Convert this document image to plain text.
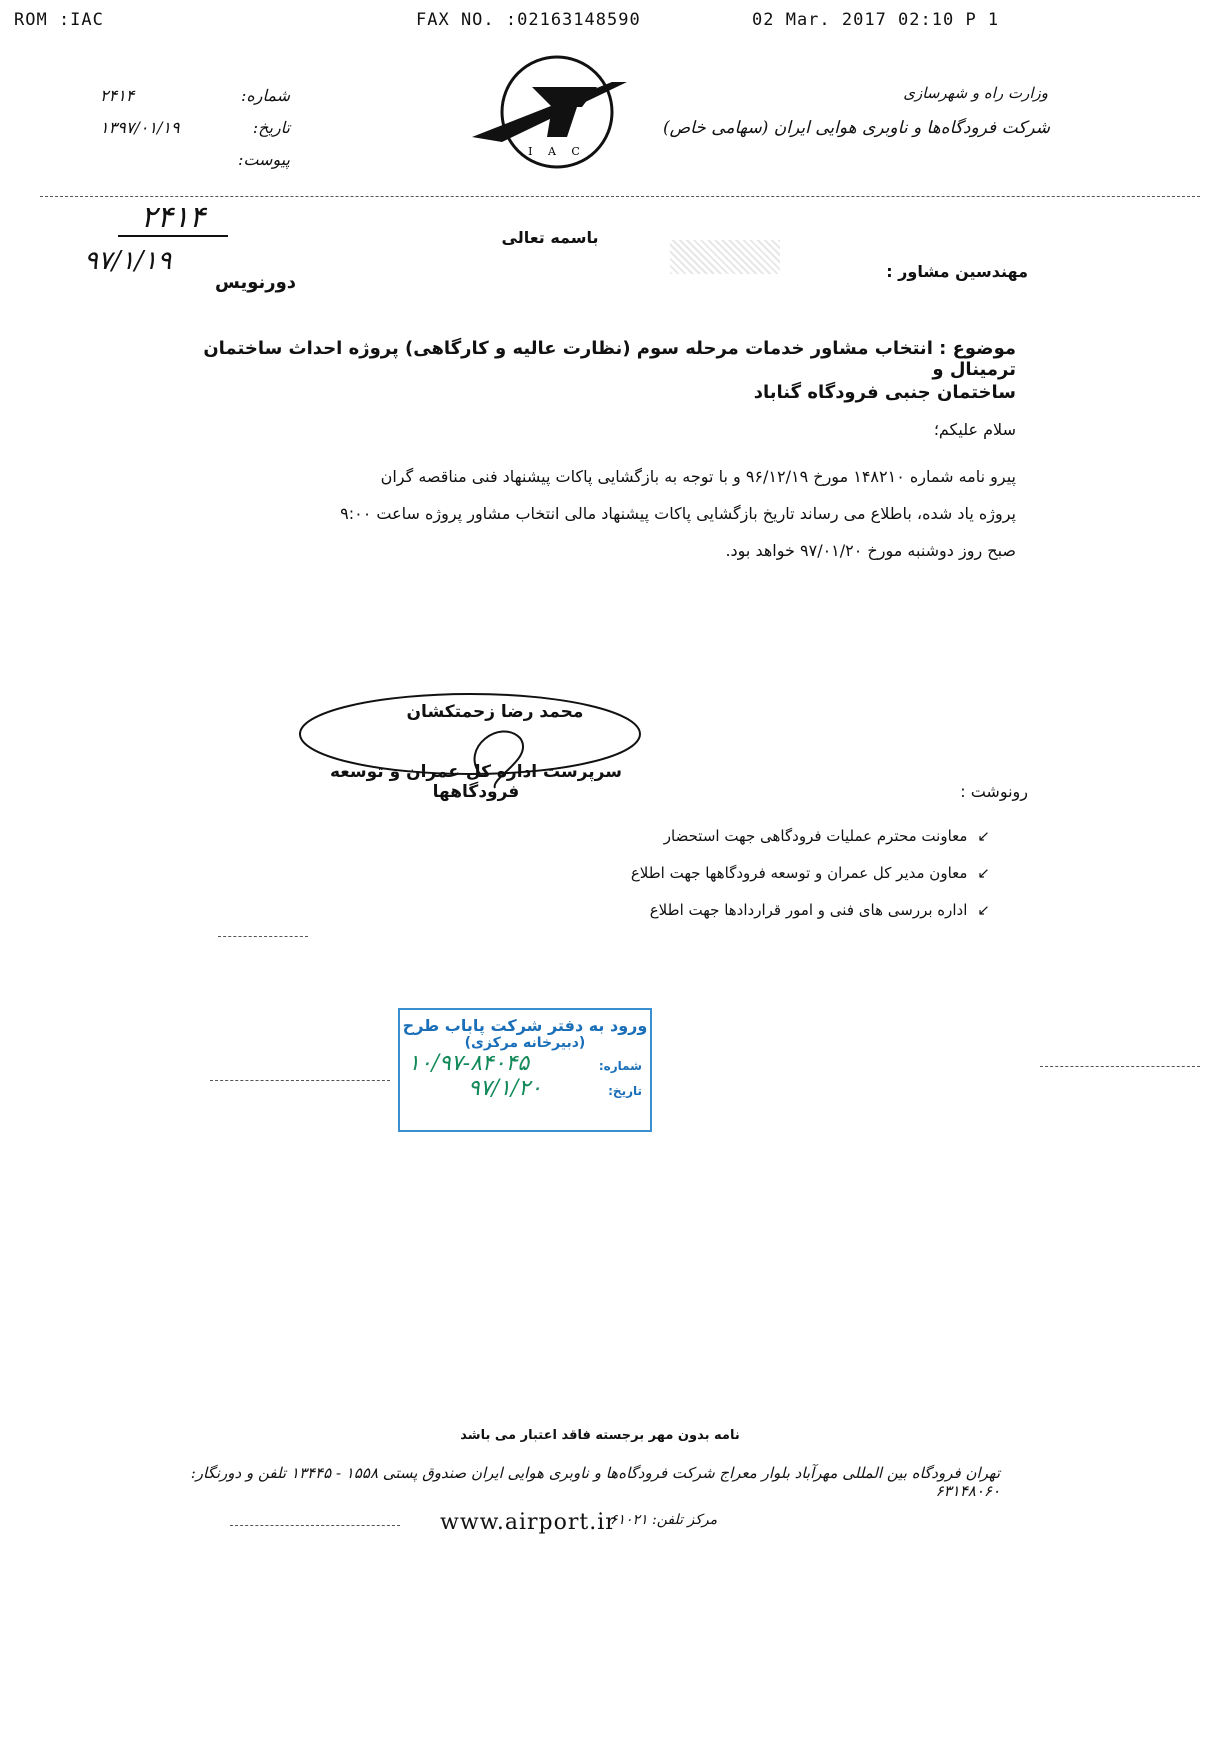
ROM :IAC	FAX NO. :02163148590	02 Mar. 2017 02:10 P 1
شماره:
۲۴۱۴
تاریخ:
۱۳۹۷/۰۱/۱۹
پیوست:	I A C
وزارت راه و شهرسازی
شرکت فرودگاه‌ها و ناوبری هوایی ایران (سهامی خاص)
۲۴۱۴
۹۷/۱/۱۹
دورنویس
باسمه تعالی
مهندسین مشاور :
موضوع : انتخاب مشاور خدمات مرحله سوم (نظارت عالیه و کارگاهی) پروژه احداث ساختمان ترمینال و
ساختمان جنبی فرودگاه گناباد
سلام علیکم؛
پیرو نامه شماره ۱۴۸۲۱۰ مورخ ۹۶/۱۲/۱۹ و با توجه به بازگشایی پاکات پیشنهاد فنی مناقصه گران
پروژه یاد شده، باطلاع می رساند تاریخ بازگشایی پاکات پیشنهاد مالی انتخاب مشاور پروژه ساعت ۹:۰۰
صبح روز دوشنبه مورخ ۹۷/۰۱/۲۰ خواهد بود.
محمد رضا زحمتکشان
سرپرست اداره کل عمران و توسعه فرودگاهها	رونوشت :
↙معاونت محترم عملیات فرودگاهی جهت استحضار
↙معاون مدیر کل عمران و توسعه فرودگاهها جهت اطلاع
↙اداره بررسی های فنی و امور قراردادها جهت اطلاع
ورود به دفتر شرکت پاباب طرح
(دبیرخانه مرکزی)
شماره:
۱۰/۹۷-۸۴۰۴۵
تاریخ:
۹۷/۱/۲۰
نامه بدون مهر برجسته فاقد اعتبار می باشد
تهران فرودگاه بین المللی مهرآباد بلوار معراج شرکت فرودگاه‌ها و ناوبری هوایی ایران صندوق پستی ۱۵۵۸ - ۱۳۴۴۵ تلفن و دورنگار: ۶۳۱۴۸۰۶۰
www.airport.ir
مرکز تلفن: ۶۱۰۲۱
